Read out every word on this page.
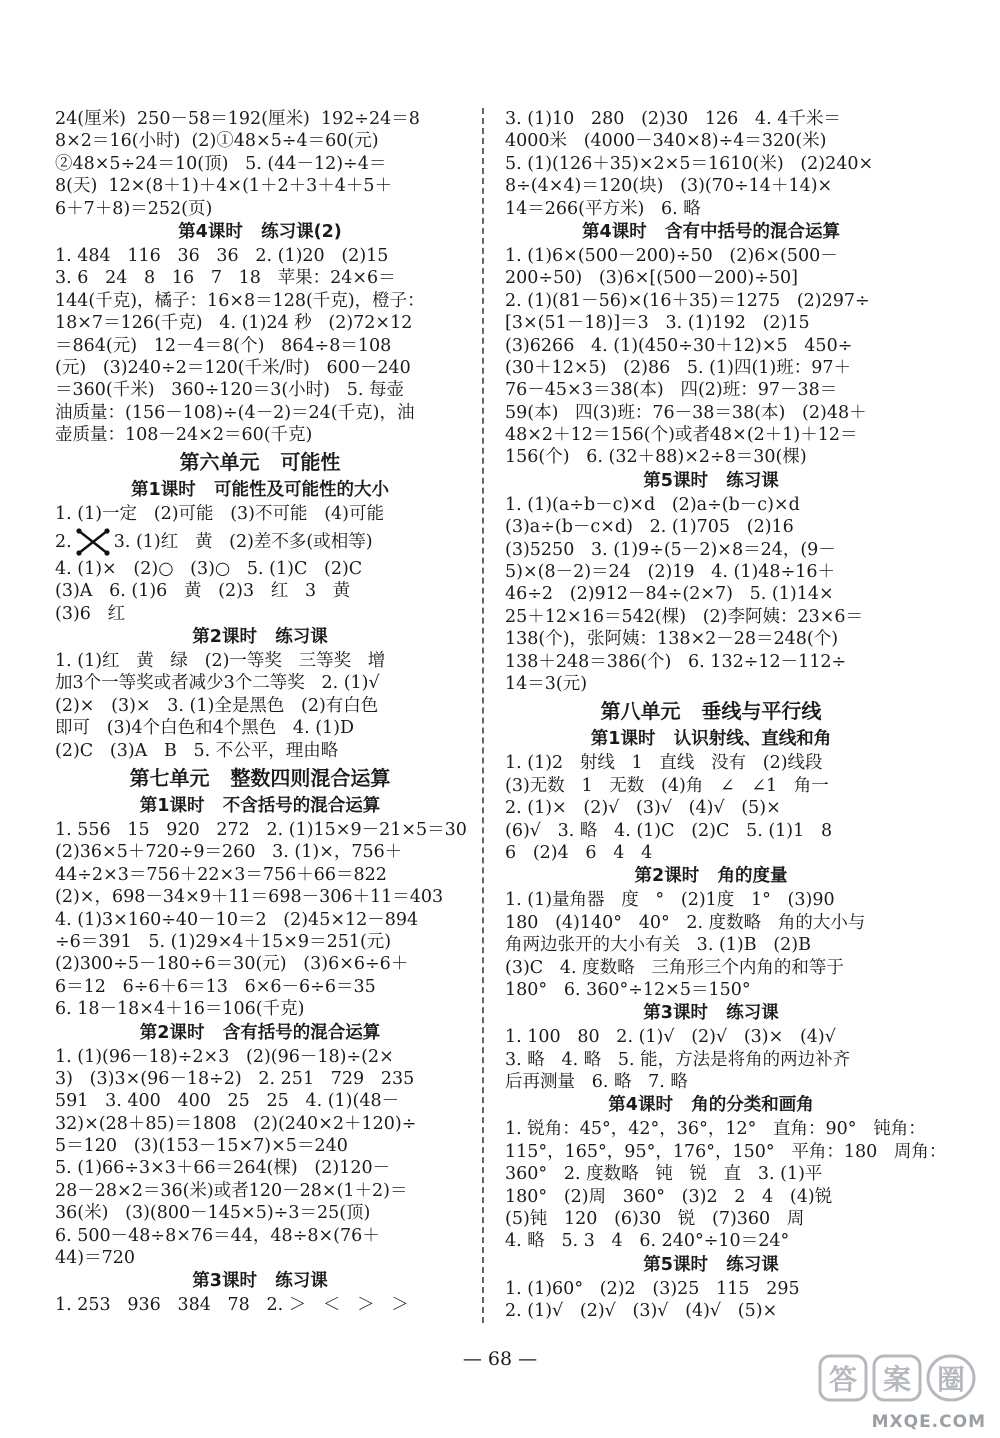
24(厘米)  250－58＝192(厘米)  192÷24＝8
8×2＝16(小时)  (2)①48×5÷4＝60(元)
②48×5÷24＝10(顶)   5. (44－12)÷4＝
8(天)  12×(8＋1)＋4×(1＋2＋3＋4＋5＋
6＋7＋8)＝252(页)
第4课时   练习课(2)
1. 484   116   36   36   2. (1)20   (2)15
3. 6   24   8   16   7   18   苹果：24×6＝
144(千克)，橘子：16×8＝128(千克)，橙子：
18×7＝126(千克)   4. (1)24 秒   (2)72×12
＝864(元)   12－4＝8(个)   864÷8＝108
(元)   (3)240÷2＝120(千米/时)   600－240
＝360(千米)   360÷120＝3(小时)   5. 每壶
油质量：(156－108)÷(4－2)＝24(千克)，油
壶质量：108－24×2＝60(千克)
第六单元   可能性
第1课时   可能性及可能性的大小
1. (1)一定   (2)可能   (3)不可能   (4)可能
2. 3. (1)红   黄   (2)差不多(或相等)
4. (1)×   (2)○   (3)○   5. (1)C   (2)C
(3)A   6. (1)6   黄   (2)3   红   3   黄
(3)6   红
第2课时   练习课
1. (1)红   黄   绿   (2)一等奖   三等奖   增
加3个一等奖或者减少3个二等奖   2. (1)√
(2)×   (3)×   3. (1)全是黑色   (2)有白色
即可   (3)4个白色和4个黑色   4. (1)D
(2)C   (3)A   B   5. 不公平，理由略
第七单元   整数四则混合运算
第1课时   不含括号的混合运算
1. 556   15   920   272   2. (1)15×9－21×5＝30
(2)36×5＋720÷9＝260   3. (1)×，756＋
44÷2×3＝756＋22×3＝756＋66＝822
(2)×，698－34×9＋11＝698－306＋11＝403
4. (1)3×160÷40－10＝2   (2)45×12－894
÷6＝391   5. (1)29×4＋15×9＝251(元)
(2)300÷5－180÷6＝30(元)   (3)6×6÷6＋
6＝12   6÷6＋6＝13   6×6－6÷6＝35
6. 18－18×4＋16＝106(千克)
第2课时   含有括号的混合运算
1. (1)(96－18)÷2×3   (2)(96－18)÷(2×
3)   (3)3×(96－18÷2)   2. 251   729   235
591   3. 400   400   25   25   4. (1)(48－
32)×(28＋85)＝1808   (2)(240×2＋120)÷
5＝120   (3)(153－15×7)×5＝240
5. (1)66÷3×3＋66＝264(棵)   (2)120－
28－28×2＝36(米)或者120－28×(1＋2)＝
36(米)   (3)(800－145×5)÷3＝25(顶)
6. 500－48÷8×76＝44，48÷8×(76＋
44)＝720
第3课时   练习课
1. 253   936   384   78   2. ＞   ＜   ＞   ＞
3. (1)10   280   (2)30   126   4. 4千米＝
4000米   (4000－340×8)÷4＝320(米)
5. (1)(126＋35)×2×5＝1610(米)   (2)240×
8÷(4×4)＝120(块)   (3)(70÷14＋14)×
14＝266(平方米)   6. 略
第4课时   含有中括号的混合运算
1. (1)6×(500－200)÷50   (2)6×(500－
200÷50)   (3)6×[(500－200)÷50]
2. (1)(81－56)×(16＋35)＝1275   (2)297÷
[3×(51－18)]＝3   3. (1)192   (2)15
(3)6266   4. (1)(450÷30＋12)×5   450÷
(30＋12×5)   (2)86   5. (1)四(1)班：97＋
76－45×3＝38(本)   四(2)班：97－38＝
59(本)   四(3)班：76－38＝38(本)   (2)48＋
48×2＋12＝156(个)或者48×(2＋1)＋12＝
156(个)   6. (32＋88)×2÷8＝30(棵)
第5课时   练习课
1. (1)(a÷b－c)×d   (2)a÷(b－c)×d
(3)a÷(b－c×d)   2. (1)705   (2)16
(3)5250   3. (1)9÷(5－2)×8＝24，(9－
5)×(8－2)＝24   (2)19   4. (1)48÷16＋
46÷2   (2)912－84÷(2×7)   5. (1)14×
25＋12×16＝542(棵)   (2)李阿姨：23×6＝
138(个)，张阿姨：138×2－28＝248(个)
138＋248＝386(个)   6. 132÷12－112÷
14＝3(元)
第八单元   垂线与平行线
第1课时   认识射线、直线和角
1. (1)2   射线   1   直线   没有   (2)线段
(3)无数   1   无数   (4)角   ∠   ∠1   角一
2. (1)×   (2)√   (3)√   (4)√   (5)×
(6)√   3. 略   4. (1)C   (2)C   5. (1)1   8
6   (2)4   6   4   4
第2课时   角的度量
1. (1)量角器   度   °   (2)1度   1°   (3)90
180   (4)140°   40°   2. 度数略   角的大小与
角两边张开的大小有关   3. (1)B   (2)B
(3)C   4. 度数略   三角形三个内角的和等于
180°   6. 360°÷12×5＝150°
第3课时   练习课
1. 100   80   2. (1)√   (2)√   (3)×   (4)√
3. 略   4. 略   5. 能，方法是将角的两边补齐
后再测量   6. 略   7. 略
第4课时   角的分类和画角
1. 锐角：45°，42°，36°，12°   直角：90°   钝角：
115°，165°，95°，176°，150°   平角：180   周角：
360°   2. 度数略   钝   锐   直   3. (1)平
180°   (2)周   360°   (3)2   2   4   (4)锐
(5)钝   120   (6)30   锐   (7)360   周
4. 略   5. 3   4   6. 240°÷10＝24°
第5课时   练习课
1. (1)60°   (2)2   (3)25   115   295
2. (1)√   (2)√   (3)√   (4)√   (5)×
— 68 —
答 案 圈
MXQE.COM
